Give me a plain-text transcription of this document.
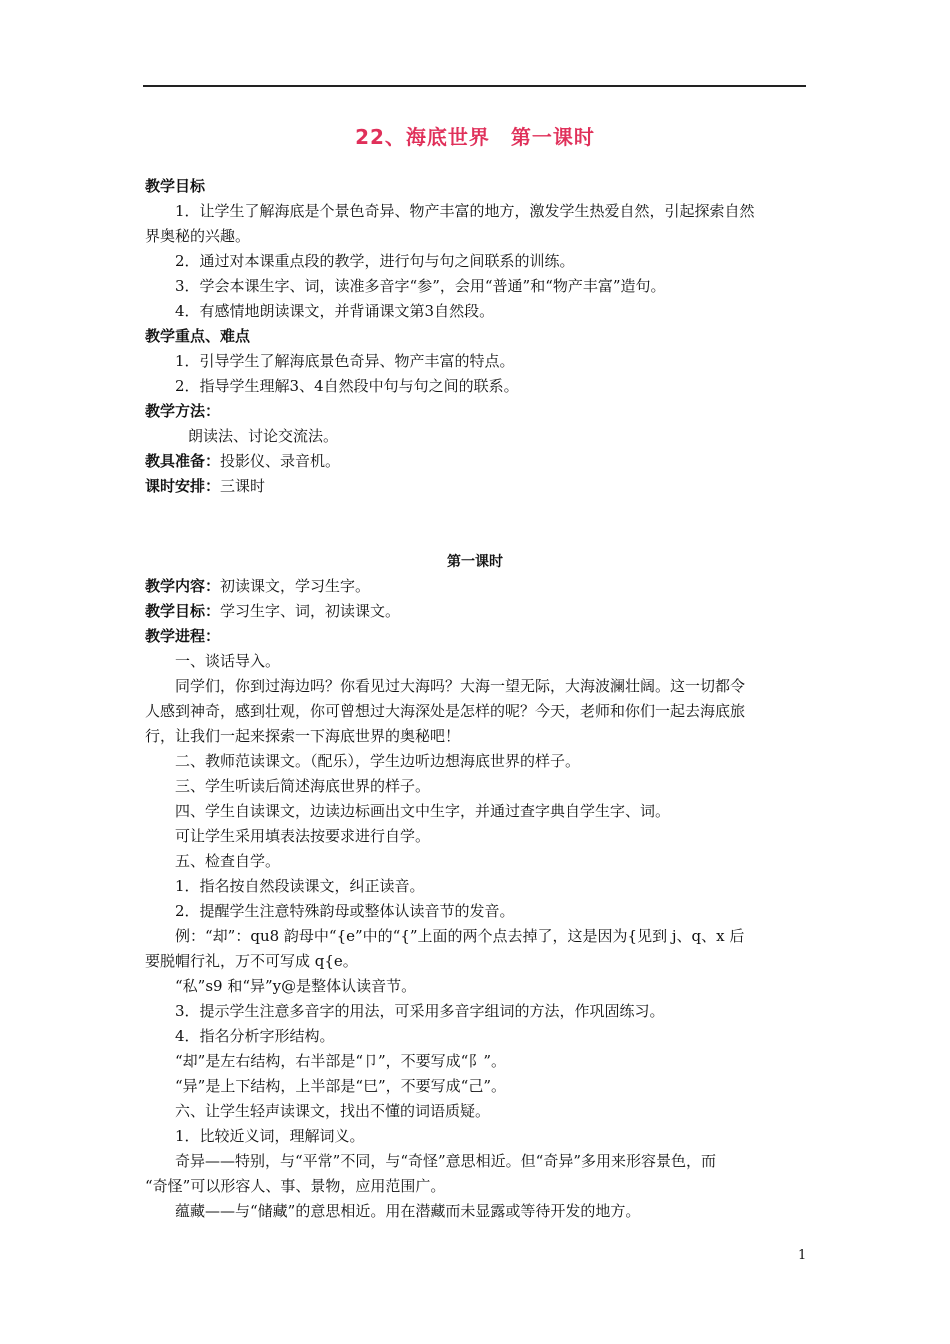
22、海底世界　第一课时
教学目标
1．让学生了解海底是个景色奇异、物产丰富的地方，激发学生热爱自然，引起探索自然
界奥秘的兴趣。
2．通过对本课重点段的教学，进行句与句之间联系的训练。
3．学会本课生字、词，读准多音字“参”，会用“普通”和“物产丰富”造句。
4．有感情地朗读课文，并背诵课文第3自然段。
教学重点、难点
1．引导学生了解海底景色奇异、物产丰富的特点。
2．指导学生理解3、4自然段中句与句之间的联系。
教学方法：
朗读法、讨论交流法。
教具准备：投影仪、录音机。
课时安排：三课时
第一课时
教学内容：初读课文，学习生字。
教学目标：学习生字、词，初读课文。
教学进程：
一、谈话导入。
同学们，你到过海边吗？你看见过大海吗？大海一望无际，大海波澜壮阔。这一切都令
人感到神奇，感到壮观，你可曾想过大海深处是怎样的呢？今天，老师和你们一起去海底旅
行，让我们一起来探索一下海底世界的奥秘吧！
二、教师范读课文。（配乐），学生边听边想海底世界的样子。
三、学生听读后简述海底世界的样子。
四、学生自读课文，边读边标画出文中生字，并通过查字典自学生字、词。
可让学生采用填表法按要求进行自学。
五、检查自学。
1．指名按自然段读课文，纠正读音。
2．提醒学生注意特殊韵母或整体认读音节的发音。
例：“却”：qu8 韵母中“{e”中的“{”上面的两个点去掉了，这是因为{见到 j、q、x 后
要脱帽行礼，万不可写成 q{e。
“私”s9 和“异”y@是整体认读音节。
3．提示学生注意多音字的用法，可采用多音字组词的方法，作巩固练习。
4．指名分析字形结构。
“却”是左右结构，右半部是“卩”，不要写成“阝”。
“异”是上下结构，上半部是“巳”，不要写成“己”。
六、让学生轻声读课文，找出不懂的词语质疑。
1．比较近义词，理解词义。
奇异——特别，与“平常”不同，与“奇怪”意思相近。但“奇异”多用来形容景色，而
“奇怪”可以形容人、事、景物，应用范围广。
蕴藏——与“储藏”的意思相近。用在潜藏而未显露或等待开发的地方。
1
